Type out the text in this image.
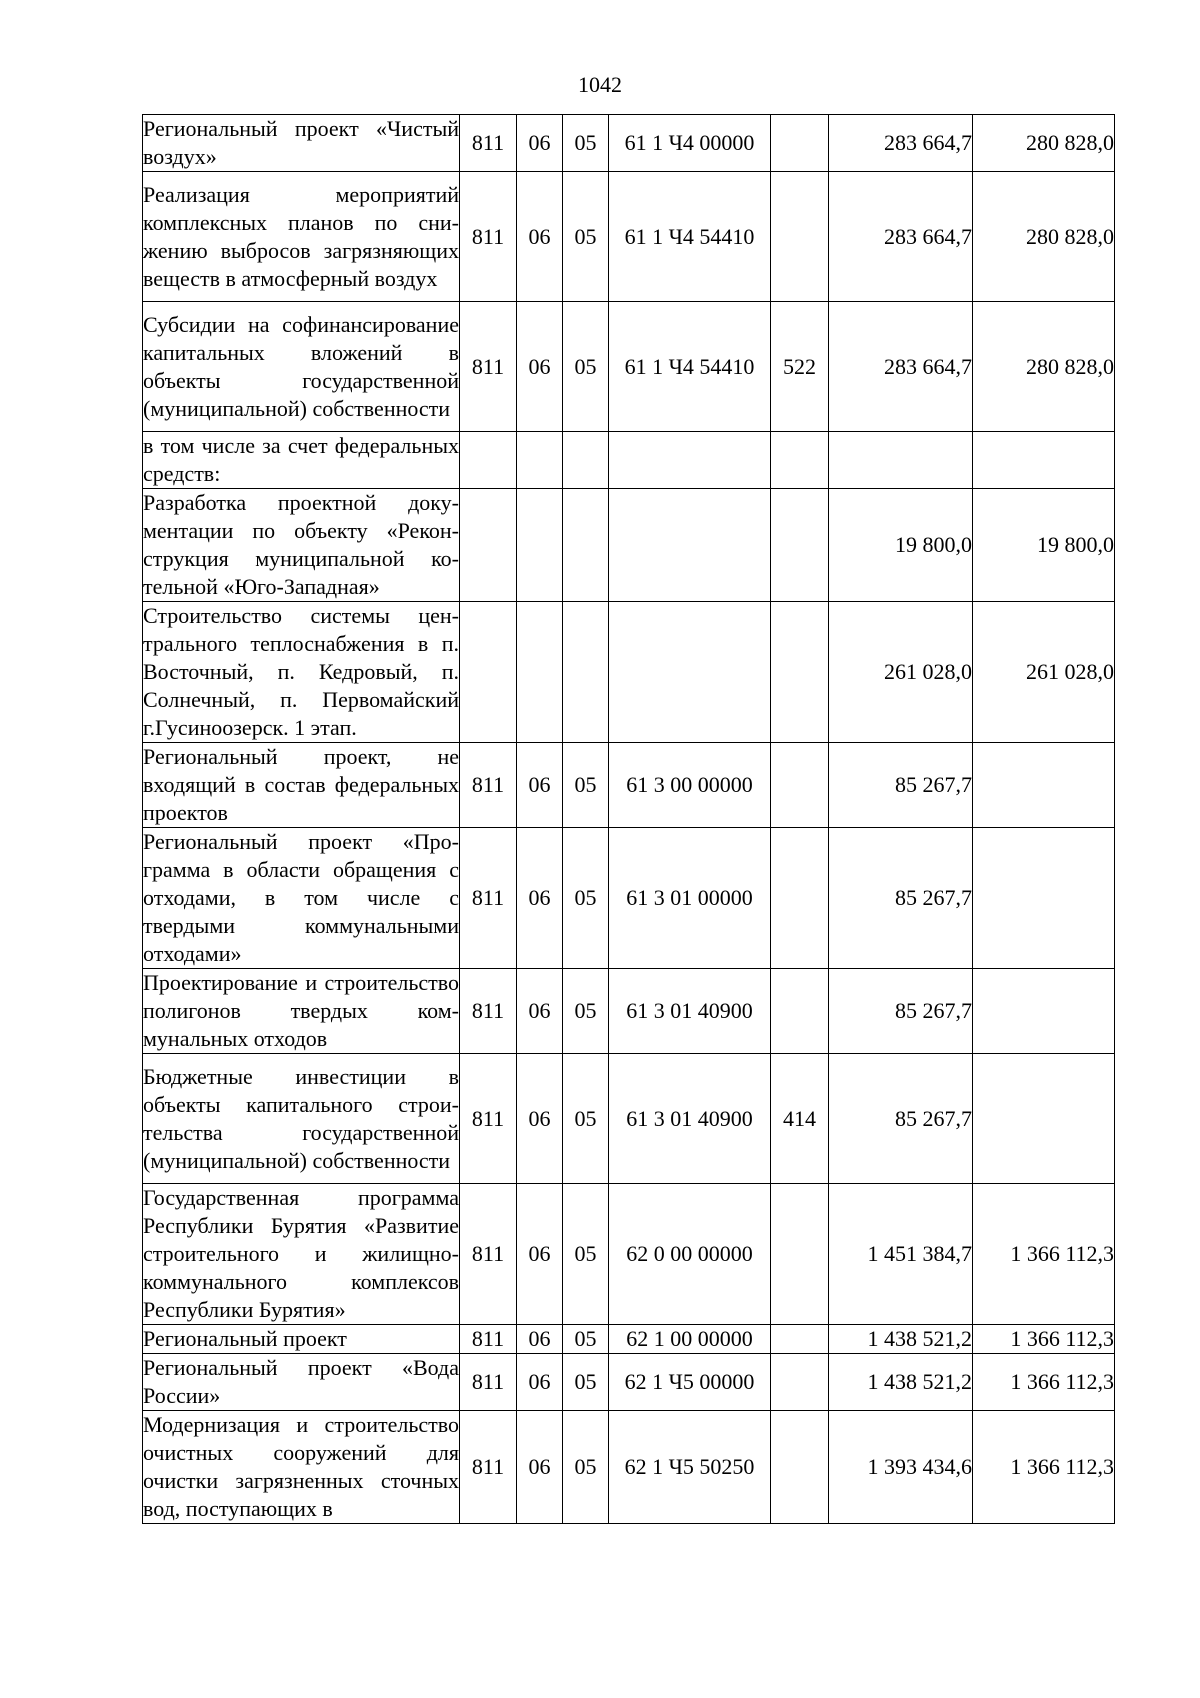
1042
Региональный проект «Чистый воздух»	811	06	05	61 1 Ч4 00000		283 664,7	280 828,0
Реализация мероприятий комплексных планов по снижению выбросов загрязняющих веществ в атмосферный воздух	811	06	05	61 1 Ч4 54410		283 664,7	280 828,0
Субсидии на софинансирование капитальных вложений в объекты государственной (муниципальной) собственности	811	06	05	61 1 Ч4 54410	522	283 664,7	280 828,0
в том числе за счет федеральных средств:							
Разработка проектной документации по объекту «Реконструкция муниципальной котельной «Юго-Западная»						19 800,0	19 800,0
Строительство системы центрального теплоснабжения в п. Восточный, п. Кедровый, п. Солнечный, п. Первомайский г.Гусиноозерск. 1 этап.						261 028,0	261 028,0
Региональный проект, не входящий в состав федеральных проектов	811	06	05	61 3 00 00000		85 267,7	
Региональный проект «Программа в области обращения с отходами, в том числе с твердыми коммунальными отходами»	811	06	05	61 3 01 00000		85 267,7	
Проектирование и строительство полигонов твердых коммунальных отходов	811	06	05	61 3 01 40900		85 267,7	
Бюджетные инвестиции в объекты капитального строительства государственной (муниципальной) собственности	811	06	05	61 3 01 40900	414	85 267,7	
Государственная программа Республики Бурятия «Развитие строительного и жилищно-коммунального комплексов Республики Бурятия»	811	06	05	62 0 00 00000		1 451 384,7	1 366 112,3
Региональный проект	811	06	05	62 1 00 00000		1 438 521,2	1 366 112,3
Региональный проект «Вода России»	811	06	05	62 1 Ч5 00000		1 438 521,2	1 366 112,3
Модернизация и строительство очистных сооружений для очистки загрязненных сточных вод, поступающих в	811	06	05	62 1 Ч5 50250		1 393 434,6	1 366 112,3
